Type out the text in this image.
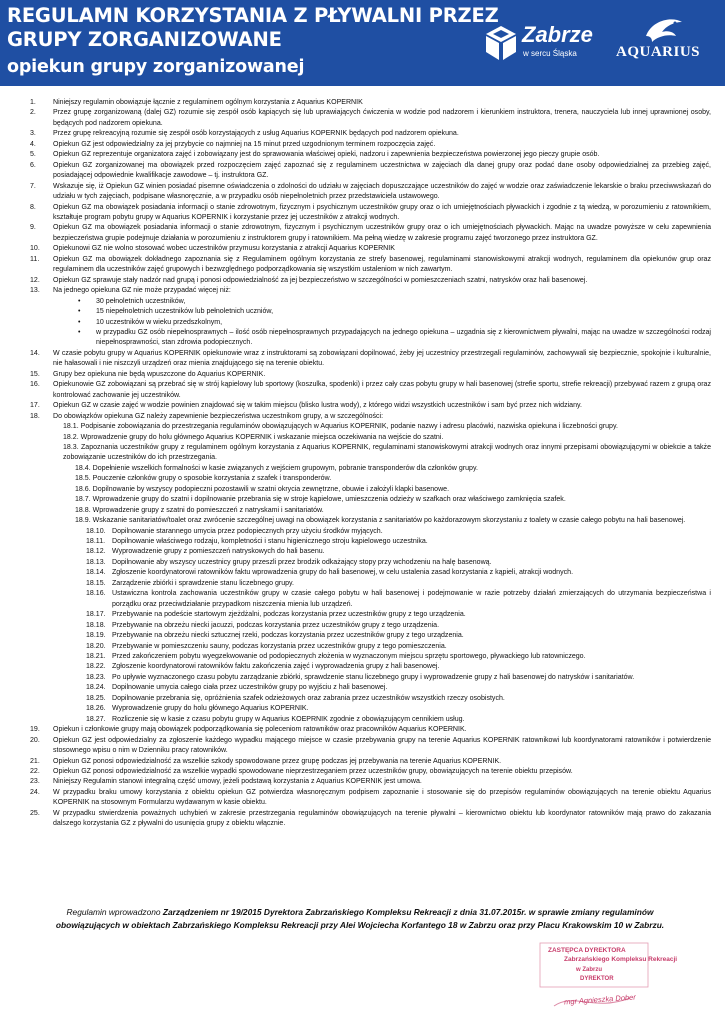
REGULAMN KORZYSTANIA Z PŁYWALNI PRZEZ
GRUPY ZORGANIZOWANE
opiekun grupy zorganizowanej
Zabrze
w sercu Śląska	AQUARIUS
1. Niniejszy regulamin obowiązuje łącznie z regulaminem ogólnym korzystania z Aquarius KOPERNIK
2. Przez grupę zorganizowaną (dalej GZ) rozumie się zespół osób kąpiących się lub uprawiających ćwiczenia w wodzie pod nadzorem i kierunkiem instruktora, trenera, nauczyciela lub innej uprawnionej osoby, będących pod nadzorem opiekuna.
3. Przez grupę rekreacyjną rozumie się zespół osób korzystających z usług Aquarius KOPERNIK będących pod nadzorem opiekuna.
4. Opiekun GZ jest odpowiedzialny za jej przybycie co najmniej na 15 minut przed uzgodnionym terminem rozpoczęcia zajęć.
5. Opiekun GZ reprezentuje organizatora zajęć i zobowiązany jest do sprawowania właściwej opieki, nadzoru i zapewnienia bezpieczeństwa powierzonej jego pieczy grupie osób.
6. Opiekun GZ zorganizowanej ma obowiązek przed rozpoczęciem zajęć zapoznać się z regulaminem uczestnictwa w zajęciach dla danej grupy oraz podać dane osoby odpowiedzialnej za przebieg zajęć, posiadającej odpowiednie kwalifikacje zawodowe – tj. instruktora GZ.
7. Wskazuje się, iż Opiekun GZ winien posiadać pisemne oświadczenia o zdolności do udziału w zajęciach dopuszczające uczestników do zajęć w wodzie oraz zaświadczenie lekarskie o braku przeciwwskazań do udziału w tych zajęciach, podpisane własnoręcznie, a w przypadku osób niepełnoletnich przez przedstawiciela ustawowego.
8. Opiekun GZ ma obowiązek posiadania informacji o stanie zdrowotnym, fizycznym i psychicznym uczestników grupy oraz o ich umiejętnościach pływackich i zgodnie z tą wiedzą, w porozumieniu z ratownikiem, kształtuje program pobytu grupy w Aquarius KOPERNIK i korzystanie przez jej uczestników z atrakcji wodnych.
9. Opiekun GZ ma obowiązek posiadania informacji o stanie zdrowotnym, fizycznym i psychicznym uczestników grupy oraz o ich umiejętnościach pływackich. Mając na uwadze powyższe w celu zapewnienia bezpieczeństwa grupie podejmuje działania w porozumieniu z instruktorem grupy i ratownikiem. Ma pełną wiedzę w zakresie programu zajęć tworzonego przez instruktora GZ.
10. Opiekunowi GZ nie wolno stosować wobec uczestników przymusu korzystania z atrakcji Aquarius KOPERNIK
11. Opiekun GZ ma obowiązek dokładnego zapoznania się z Regulaminem ogólnym korzystania ze strefy basenowej, regulaminami stanowiskowymi atrakcji wodnych, regulaminem dla opiekunów grup oraz regulaminem dla uczestników zajęć grupowych i bezwzględnego podporządkowania się wszystkim ustaleniom w nich zawartym.
12. Opiekun GZ sprawuje stały nadzór nad grupą i ponosi odpowiedzialność za jej bezpieczeństwo w szczególności w pomieszczeniach szatni, natrysków oraz hali basenowej.
13. Na jednego opiekuna GZ nie może przypadać więcej niż:
• 30 pełnoletnich uczestników,
• 15 niepełnoletnich uczestników lub pełnoletnich uczniów,
• 10 uczestników w wieku przedszkolnym,
• w przypadku GZ osób niepełnosprawnych – ilość osób niepełnosprawnych przypadających na jednego opiekuna – uzgadnia się z kierownictwem pływalni, mając na uwadze w szczególności rodzaj niepełnosprawności, stan zdrowia podopiecznych.
14. W czasie pobytu grupy w Aquarius KOPERNIK opiekunowie wraz z instruktorami są zobowiązani dopilnować, żeby jej uczestnicy przestrzegali regulaminów, zachowywali się bezpiecznie, spokojnie i kulturalnie, nie hałasowali i nie niszczyli urządzeń oraz mienia znajdującego się na terenie obiektu.
15. Grupy bez opiekuna nie będą wpuszczone do Aquarius KOPERNIK.
16. Opiekunowie GZ zobowiązani są przebrać się w strój kąpielowy lub sportowy (koszulka, spodenki) i przez cały czas pobytu grupy w hali basenowej (strefie sportu, strefie rekreacji) przebywać razem z grupą oraz kontrolować zachowanie jej uczestników.
17. Opiekun GZ w czasie zajęć w wodzie powinien znajdować się w takim miejscu (blisko lustra wody), z którego widzi wszystkich uczestników i sam być przez nich widziany.
18. Do obowiązków opiekuna GZ należy zapewnienie bezpieczeństwa uczestnikom grupy, a w szczególności:
18.1. Podpisanie zobowiązania do przestrzegania regulaminów obowiązujących w Aquarius KOPERNIK, podanie nazwy i adresu placówki, nazwiska opiekuna i liczebności grupy.
18.2. Wprowadzenie grupy do holu głównego Aquarius KOPERNIK i wskazanie miejsca oczekiwania na wejście do szatni.
18.3. Zapoznania uczestników grupy z regulaminem ogólnym korzystania z Aquarius KOPERNIK, regulaminami stanowiskowymi atrakcji wodnych oraz innymi przepisami obowiązującymi w obiekcie a także zobowiązanie uczestników do ich przestrzegania.
18.4. Dopełnienie wszelkich formalności w kasie związanych z wejściem grupowym, pobranie transponderów dla członków grupy.
18.5. Pouczenie członków grupy o sposobie korzystania z szafek i transponderów.
18.6. Dopilnowanie by wszyscy podopieczni pozostawili w szatni okrycia zewnętrzne, obuwie i założyli klapki basenowe.
18.7. Wprowadzenie grupy do szatni i dopilnowanie przebrania się w stroje kąpielowe, umieszczenia odzieży w szafkach oraz właściwego zamknięcia szafek.
18.8. Wprowadzenie grupy z szatni do pomieszczeń z natryskami i sanitariatów.
18.9. Wskazanie sanitariatów/toalet oraz zwrócenie szczególnej uwagi na obowiązek korzystania z sanitariatów po każdorazowym skorzystaniu z toalety w czasie całego pobytu na hali basenowej.
18.10. Dopilnowanie starannego umycia przez podopiecznych przy użyciu środków myjących.
18.11. Dopilnowanie właściwego rodzaju, kompletności i stanu higienicznego stroju kąpielowego uczestnika.
18.12. Wyprowadzenie grupy z pomieszczeń natryskowych do hali basenu.
18.13. Dopilnowanie aby wszyscy uczestnicy grupy przeszli przez brodzik odkażający stopy przy wchodzeniu na halę basenową.
18.14. Zgłoszenie koordynatorowi ratowników faktu wprowadzenia grupy do hali basenowej, w celu ustalenia zasad korzystania z kąpieli, atrakcji wodnych.
18.15. Zarządzenie zbiórki i sprawdzenie stanu liczebnego grupy.
18.16. Ustawiczna kontrola zachowania uczestników grupy w czasie całego pobytu w hali basenowej i podejmowanie w razie potrzeby działań zmierzających do utrzymania bezpieczeństwa i porządku oraz przeciwdziałanie przypadkom niszczenia mienia lub urządzeń.
18.17. Przebywanie na podeście startowym zjeżdżalni, podczas korzystania przez uczestników grupy z tego urządzenia.
18.18. Przebywanie na obrzeżu niecki jacuzzi, podczas korzystania przez uczestników grupy z tego urządzenia.
18.19. Przebywanie na obrzeżu niecki sztucznej rzeki, podczas korzystania przez uczestników grupy z tego urządzenia.
18.20. Przebywanie w pomieszczeniu sauny, podczas korzystania przez uczestników grupy z tego pomieszczenia.
18.21. Przed zakończeniem pobytu wyegzekwowanie od podopiecznych złożenia w wyznaczonym miejscu sprzętu sportowego, pływackiego lub ratowniczego.
18.22. Zgłoszenie koordynatorowi ratowników faktu zakończenia zajęć i wyprowadzenia grupy z hali basenowej.
18.23. Po upływie wyznaczonego czasu pobytu zarządzanie zbiórki, sprawdzenie stanu liczebnego grupy i wyprowadzenie grupy z hali basenowej do natrysków i sanitariatów.
18.24. Dopilnowanie umycia całego ciała przez uczestników grupy po wyjściu z hali basenowej.
18.25. Dopilnowanie przebrania się, opróżnienia szafek odzieżowych oraz zabrania przez uczestników wszystkich rzeczy osobistych.
18.26. Wyprowadzenie grupy do holu głównego Aquarius KOPERNIK.
18.27. Rozliczenie się w kasie z czasu pobytu grupy w Aquarius KOEPRNIK zgodnie z obowiązującym cennikiem usług.
19. Opiekun i członkowie grupy mają obowiązek podporządkowania się poleceniom ratowników oraz pracowników Aquarius KOPERNIK.
20. Opiekun GZ jest odpowiedzialny za zgłoszenie każdego wypadku mającego miejsce w czasie przebywania grupy na terenie Aquarius KOPERNIK ratownikowi lub koordynatorami ratowników i potwierdzenie stosownego wpisu o nim w Dzienniku pracy ratowników.
21. Opiekun GZ ponosi odpowiedzialność za wszelkie szkody spowodowane przez grupę podczas jej przebywania na terenie Aquarius KOPERNIK.
22. Opiekun GZ ponosi odpowiedzialność za wszelkie wypadki spowodowane nieprzestrzeganiem przez uczestników grupy, obowiązujących na terenie obiektu przepisów.
23. Niniejszy Regulamin stanowi integralną część umowy, jeżeli podstawą korzystania z Aquarius KOPERNIK jest umowa.
24. W przypadku braku umowy korzystania z obiektu opiekun GZ potwierdza własnoręcznym podpisem zapoznanie i stosowanie się do przepisów regulaminów obowiązujących na terenie obiektu Aquarius KOPERNIK na stosownym Formularzu wydawanym w kasie obiektu.
25. W przypadku stwierdzenia poważnych uchybień w zakresie przestrzegania regulaminów obowiązujących na terenie pływalni – kierownictwo obiektu lub koordynator ratowników mają prawo do zakazania dalszego korzystania GZ z pływalni do usunięcia grupy z obiektu włącznie.
Regulamin wprowadzono Zarządzeniem nr 19/2015 Dyrektora Zabrzańskiego Kompleksu Rekreacji z dnia 31.07.2015r. w sprawie zmiany regulaminów obowiązujących w obiektach Zabrzańskiego Kompleksu Rekreacji przy Alei Wojciecha Korfantego 18 w Zabrzu oraz przy Placu Krakowskim 10 w Zabrzu.
ZASTĘPCA DYREKTORA
Zabrzańskiego Kompleksu Rekreacji
w Zabrzu
DYREKTOR
mgr Agnieszka Dober
